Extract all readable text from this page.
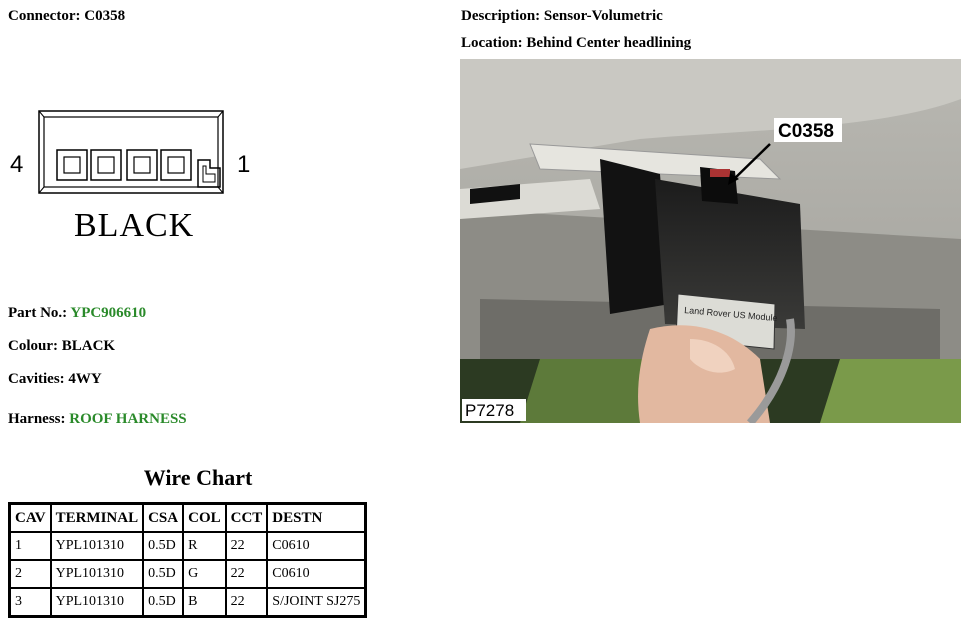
Connector: C0358	Description: Sensor-Volumetric
Location: Behind Center headlining
4	1
BLACK
Land Rover US Module
C0358
P7278
Part No.: YPC906610
Colour: BLACK
Cavities: 4WY
Harness: ROOF HARNESS
Wire Chart
CAV	TERMINAL	CSA	COL	CCT	DESTN
1	YPL101310	0.5D	R	22	C0610
2	YPL101310	0.5D	G	22	C0610
3	YPL101310	0.5D	B	22	S/JOINT SJ275
